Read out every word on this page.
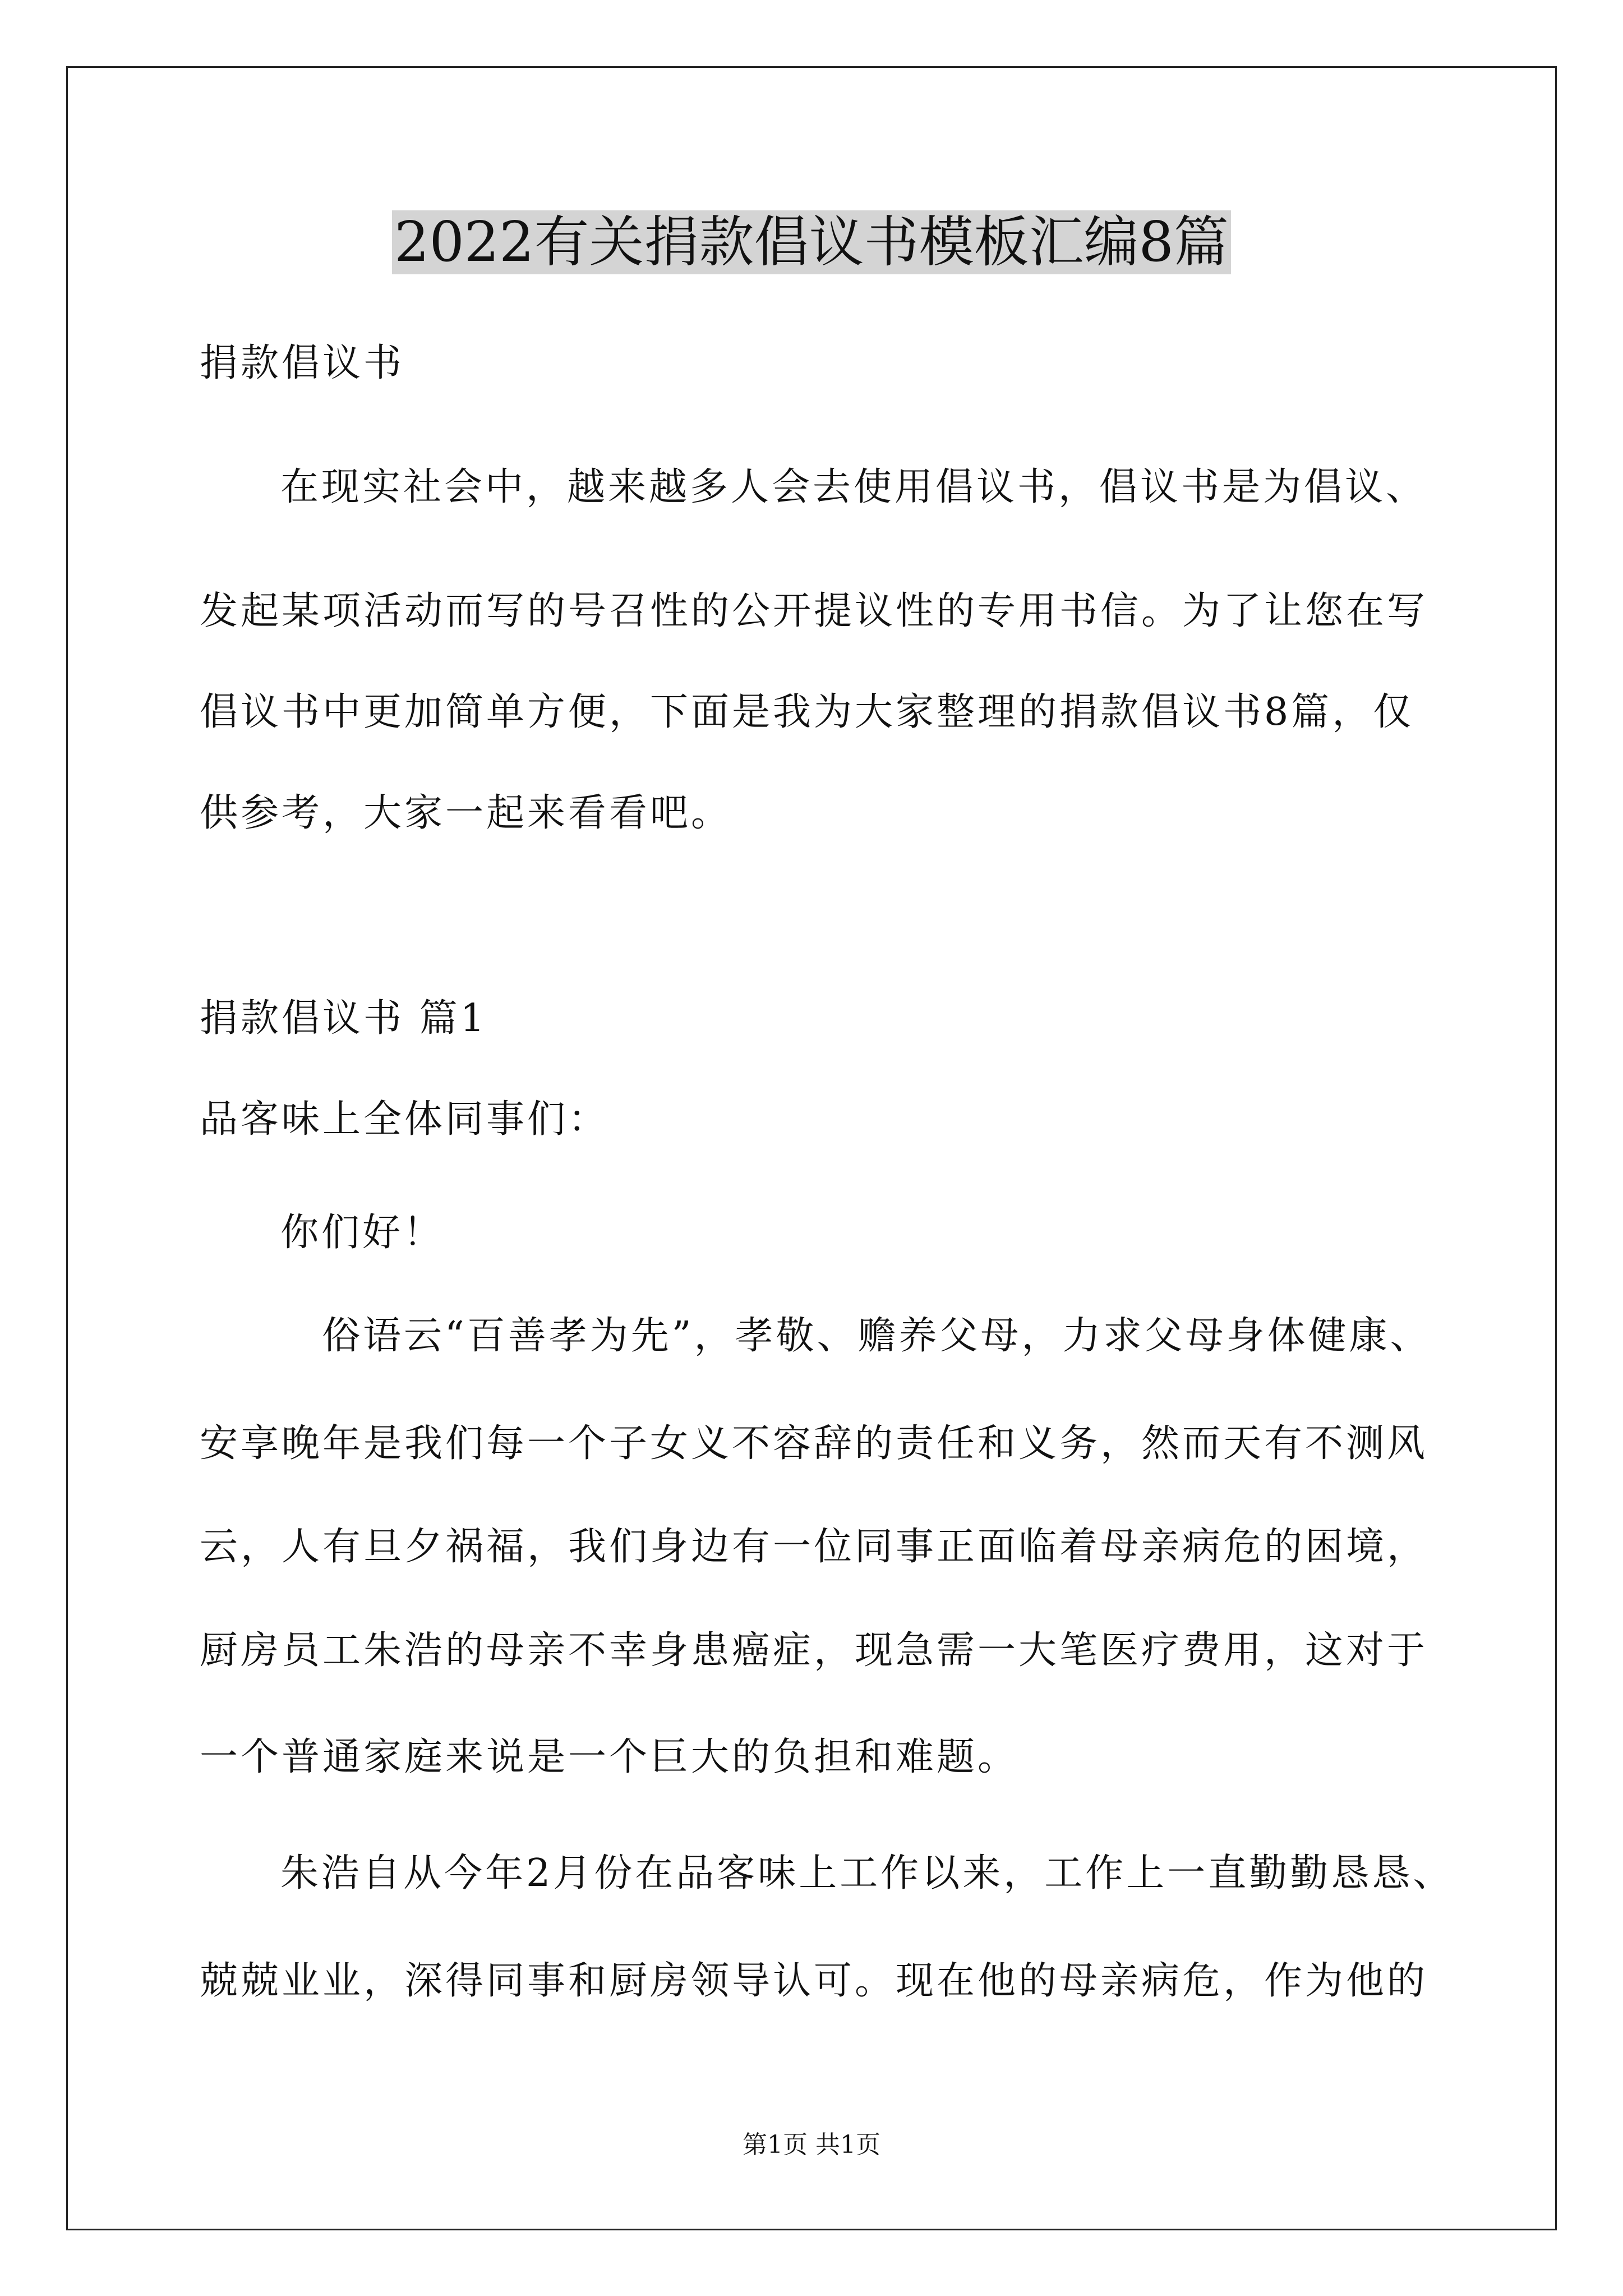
2022有关捐款倡议书模板汇编8篇
捐款倡议书
在现实社会中，越来越多人会去使用倡议书，倡议书是为倡议、
发起某项活动而写的号召性的公开提议性的专用书信。为了让您在写
倡议书中更加简单方便，下面是我为大家整理的捐款倡议书8篇，仅
供参考，大家一起来看看吧。
捐款倡议书 篇1
品客味上全体同事们：
你们好！
俗语云“百善孝为先”，孝敬、赡养父母，力求父母身体健康、
安享晚年是我们每一个子女义不容辞的责任和义务，然而天有不测风
云，人有旦夕祸福，我们身边有一位同事正面临着母亲病危的困境，
厨房员工朱浩的母亲不幸身患癌症，现急需一大笔医疗费用，这对于
一个普通家庭来说是一个巨大的负担和难题。
朱浩自从今年2月份在品客味上工作以来，工作上一直勤勤恳恳、
兢兢业业，深得同事和厨房领导认可。现在他的母亲病危，作为他的
第1页 共1页
